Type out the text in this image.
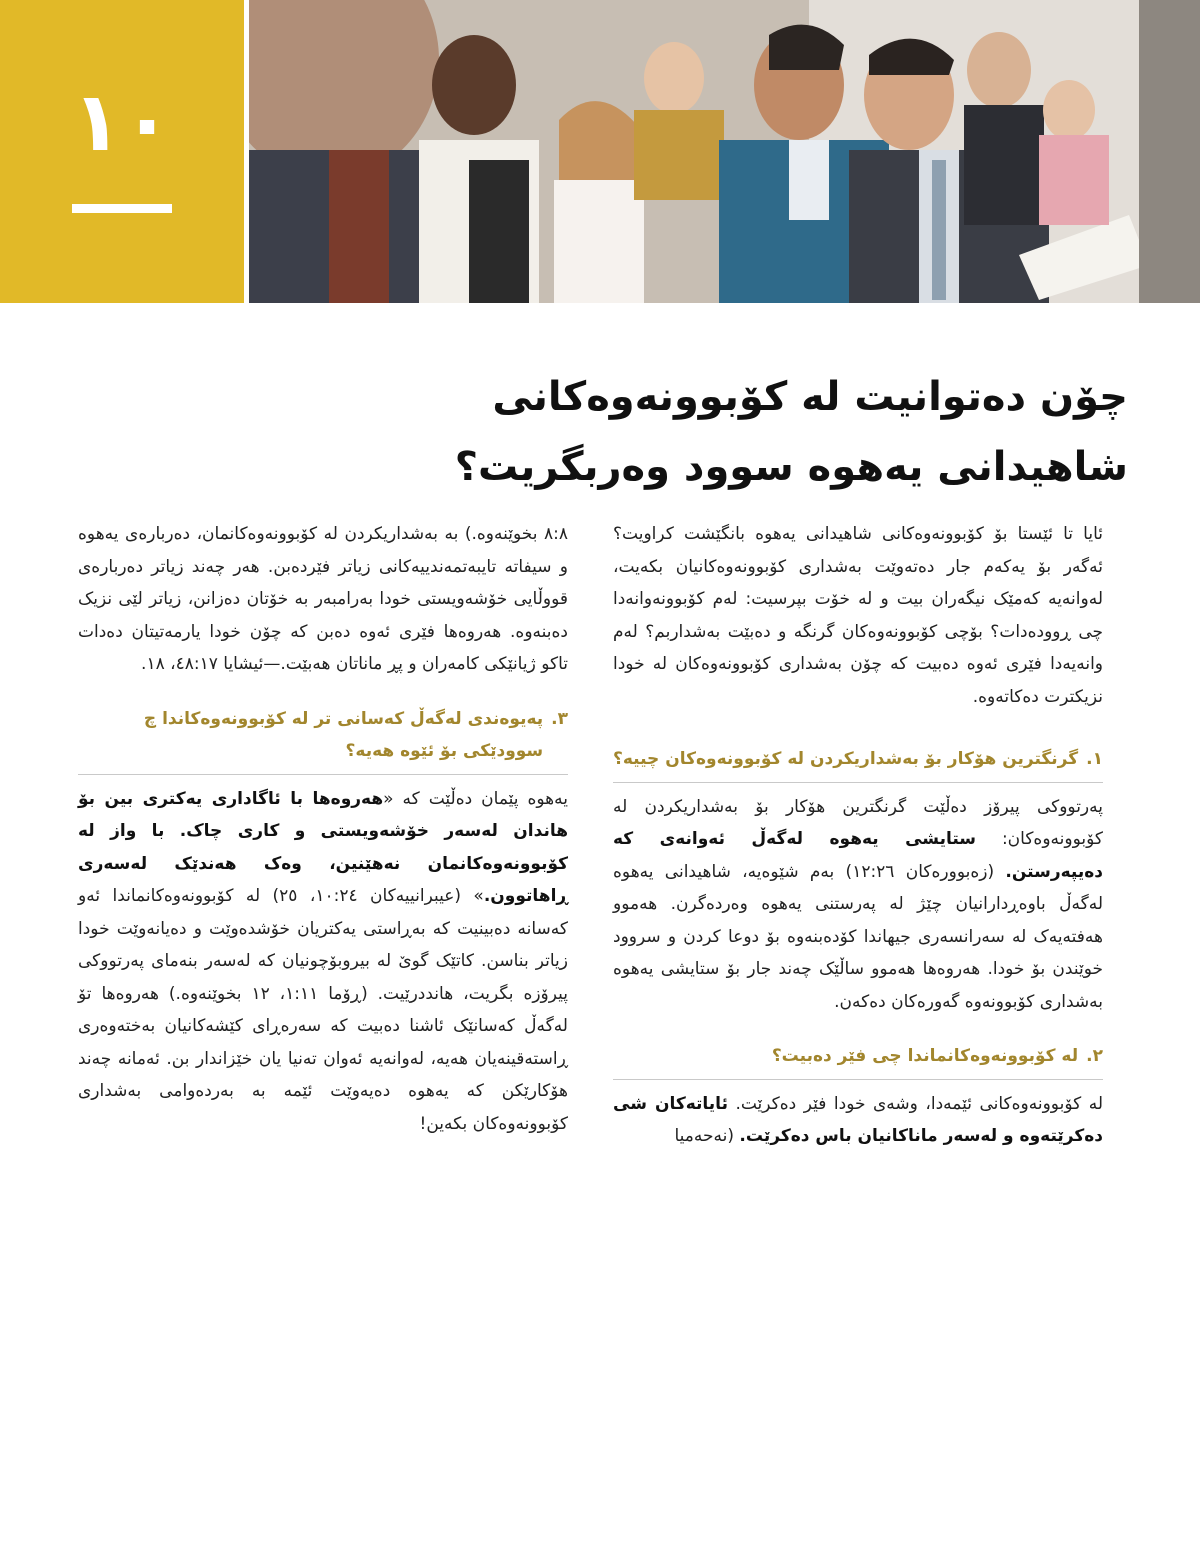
١٠
چۆن دەتوانیت لە کۆبوونەوەکانی
شاهیدانی یەهوە سوود وەربگریت؟

ئایا تا ئێستا بۆ کۆبوونەوەکانی شاهیدانی یەهوە بانگێشت کراویت؟ ئەگەر بۆ یەکەم جار دەتەوێت بەشداری کۆبوونەوەکانیان بکەیت، لەوانەیە کەمێک نیگەران بیت و لە خۆت بپرسیت: لەم کۆبوونەوانەدا چی ڕوودەدات؟ بۆچی کۆبوونەوەکان گرنگە و دەبێت بەشداربم؟ لەم وانەیەدا فێری ئەوە دەبیت کە چۆن بەشداری کۆبوونەوەکان لە خودا نزیکترت دەکاتەوە.

١.
گرنگترین هۆکار بۆ بەشداریکردن لە کۆبوونەوەکان چییە؟

پەرتووکی پیرۆز دەڵێت گرنگترین هۆکار بۆ بەشداریکردن لە کۆبوونەوەکان: ستایشی یەهوە لەگەڵ ئەوانەی کە دەیپەرستن. (زەبوورەکان ١٢:٢٦) بەم شێوەیە، شاهیدانی یەهوە لەگەڵ باوەڕدارانیان چێژ لە پەرستنی یەهوە وەردەگرن. هەموو هەفتەیەک لە سەرانسەری جیهاندا کۆدەبنەوە بۆ دوعا کردن و سروود خوێندن بۆ خودا. هەروەها هەموو ساڵێک چەند جار بۆ ستایشی یەهوە بەشداری کۆبوونەوە گەورەکان دەکەن.

٢.
لە کۆبوونەوەکانماندا چی فێر دەبیت؟

لە کۆبوونەوەکانی ئێمەدا، وشەی خودا فێر دەکرێت. ئایاتەکان شی دەکرێتەوە و لەسەر ماناکانیان باس دەکرێت. (نەحەمیا

٨:٨ بخوێنەوە.) بە بەشداریکردن لە کۆبوونەوەکانمان، دەربارەی یەهوە و سیفاتە تایبەتمەندییەکانی زیاتر فێردەبن. هەر چەند زیاتر دەربارەی قووڵایی خۆشەویستی خودا بەرامبەر بە خۆتان دەزانن، زیاتر لێی نزیک دەبنەوە. هەروەها فێری ئەوە دەبن کە چۆن خودا یارمەتیتان دەدات تاکو ژیانێکی کامەران و پڕ ماناتان هەبێت.—ئیشایا ٤٨:١٧، ١٨.

٣.
پەیوەندی لەگەڵ کەسانی تر لە کۆبوونەوەکاندا چ سوودێکی بۆ ئێوە هەیە؟

یەهوە پێمان دەڵێت کە «هەروەها با ئاگاداری یەکتری بین بۆ هاندان لەسەر خۆشەویستی و کاری چاک. با واز لە کۆبوونەوەکانمان نەهێنین، وەک هەندێک لەسەری ڕاهاتوون.» (عیبرانییەکان ١٠:٢٤، ٢٥) لە کۆبوونەوەکانماندا ئەو کەسانە دەبینیت کە بەڕاستی یەکتریان خۆشدەوێت و دەیانەوێت خودا زیاتر بناسن. کاتێک گوێ لە بیروبۆچونیان کە لەسەر بنەمای پەرتووکی پیرۆزە بگریت، هانددرێیت. (ڕۆما ١:١١، ١٢ بخوێنەوە.) هەروەها تۆ لەگەڵ کەسانێک ئاشنا دەبیت کە سەرەڕای کێشەکانیان بەختەوەری ڕاستەقینەیان هەیە، لەوانەیە ئەوان تەنیا یان خێزاندار بن. ئەمانە چەند هۆکارێکن کە یەهوە دەیەوێت ئێمە بە بەردەوامی بەشداری کۆبوونەوەکان بکەین!
